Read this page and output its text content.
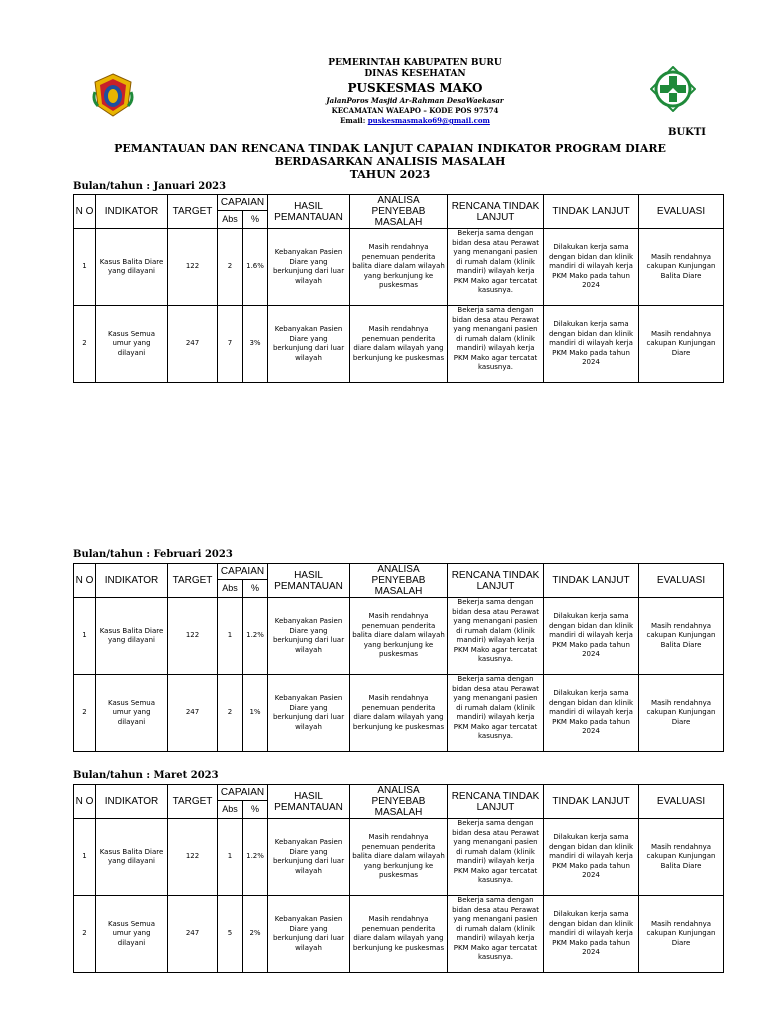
PEMERINTAH KABUPATEN BURU
DINAS KESEHATAN
PUSKESMAS MAKO
JalanPoros Masjid Ar-Rahman DesaWaekasar
KECAMATAN WAEAPO – KODE POS 97574
Email: puskesmasmako69@gmail.com
BUKTI
PEMANTAUAN DAN RENCANA TINDAK LANJUT CAPAIAN INDIKATOR PROGRAM DIARE
BERDASARKAN ANALISIS MASALAH
TAHUN 2023
Bulan/tahun : Januari 2023
N O	INDIKATOR	TARGET	CAPAIAN		HASIL PEMANTAUAN	ANALISA PENYEBAB MASALAH	RENCANA TINDAK LANJUT	TINDAK LANJUT	EVALUASI
			Abs	%					
1	Kasus Balita Diare yang dilayani	122	2	1.6%	Kebanyakan Pasien Diare yang berkunjung dari luar wilayah	Masih rendahnya penemuan penderita balita diare dalam wilayah yang berkunjung ke puskesmas	Bekerja sama dengan bidan desa atau Perawat yang menangani pasien di rumah dalam (klinik mandiri) wilayah kerja PKM Mako agar tercatat kasusnya.	Dilakukan kerja sama dengan bidan dan klinik mandiri di wilayah kerja PKM Mako pada tahun 2024	Masih rendahnya cakupan Kunjungan Balita Diare
2	Kasus Semua umur yang dilayani	247	7	3%	Kebanyakan Pasien Diare yang berkunjung dari luar wilayah	Masih rendahnya penemuan penderita diare dalam wilayah yang berkunjung ke puskesmas	Bekerja sama dengan bidan desa atau Perawat yang menangani pasien di rumah dalam (klinik mandiri) wilayah kerja PKM Mako agar tercatat kasusnya.	Dilakukan kerja sama dengan bidan dan klinik mandiri di wilayah kerja PKM Mako pada tahun 2024	Masih rendahnya cakupan Kunjungan Diare
Bulan/tahun : Februari 2023
N O	INDIKATOR	TARGET	CAPAIAN		HASIL PEMANTAUAN	ANALISA PENYEBAB MASALAH	RENCANA TINDAK LANJUT	TINDAK LANJUT	EVALUASI
			Abs	%					
1	Kasus Balita Diare yang dilayani	122	1	1.2%	Kebanyakan Pasien Diare yang berkunjung dari luar wilayah	Masih rendahnya penemuan penderita balita diare dalam wilayah yang berkunjung ke puskesmas	Bekerja sama dengan bidan desa atau Perawat yang menangani pasien di rumah dalam (klinik mandiri) wilayah kerja PKM Mako agar tercatat kasusnya.	Dilakukan kerja sama dengan bidan dan klinik mandiri di wilayah kerja PKM Mako pada tahun 2024	Masih rendahnya cakupan Kunjungan Balita Diare
2	Kasus Semua umur yang dilayani	247	2	1%	Kebanyakan Pasien Diare yang berkunjung dari luar wilayah	Masih rendahnya penemuan penderita diare dalam wilayah yang berkunjung ke puskesmas	Bekerja sama dengan bidan desa atau Perawat yang menangani pasien di rumah dalam (klinik mandiri) wilayah kerja PKM Mako agar tercatat kasusnya.	Dilakukan kerja sama dengan bidan dan klinik mandiri di wilayah kerja PKM Mako pada tahun 2024	Masih rendahnya cakupan Kunjungan Diare
Bulan/tahun : Maret 2023
N O	INDIKATOR	TARGET	CAPAIAN		HASIL PEMANTAUAN	ANALISA PENYEBAB MASALAH	RENCANA TINDAK LANJUT	TINDAK LANJUT	EVALUASI
			Abs	%					
1	Kasus Balita Diare yang dilayani	122	1	1.2%	Kebanyakan Pasien Diare yang berkunjung dari luar wilayah	Masih rendahnya penemuan penderita balita diare dalam wilayah yang berkunjung ke puskesmas	Bekerja sama dengan bidan desa atau Perawat yang menangani pasien di rumah dalam (klinik mandiri) wilayah kerja PKM Mako agar tercatat kasusnya.	Dilakukan kerja sama dengan bidan dan klinik mandiri di wilayah kerja PKM Mako pada tahun 2024	Masih rendahnya cakupan Kunjungan Balita Diare
2	Kasus Semua umur yang dilayani	247	5	2%	Kebanyakan Pasien Diare yang berkunjung dari luar wilayah	Masih rendahnya penemuan penderita diare dalam wilayah yang berkunjung ke puskesmas	Bekerja sama dengan bidan desa atau Perawat yang menangani pasien di rumah dalam (klinik mandiri) wilayah kerja PKM Mako agar tercatat kasusnya.	Dilakukan kerja sama dengan bidan dan klinik mandiri di wilayah kerja PKM Mako pada tahun 2024	Masih rendahnya cakupan Kunjungan Diare
